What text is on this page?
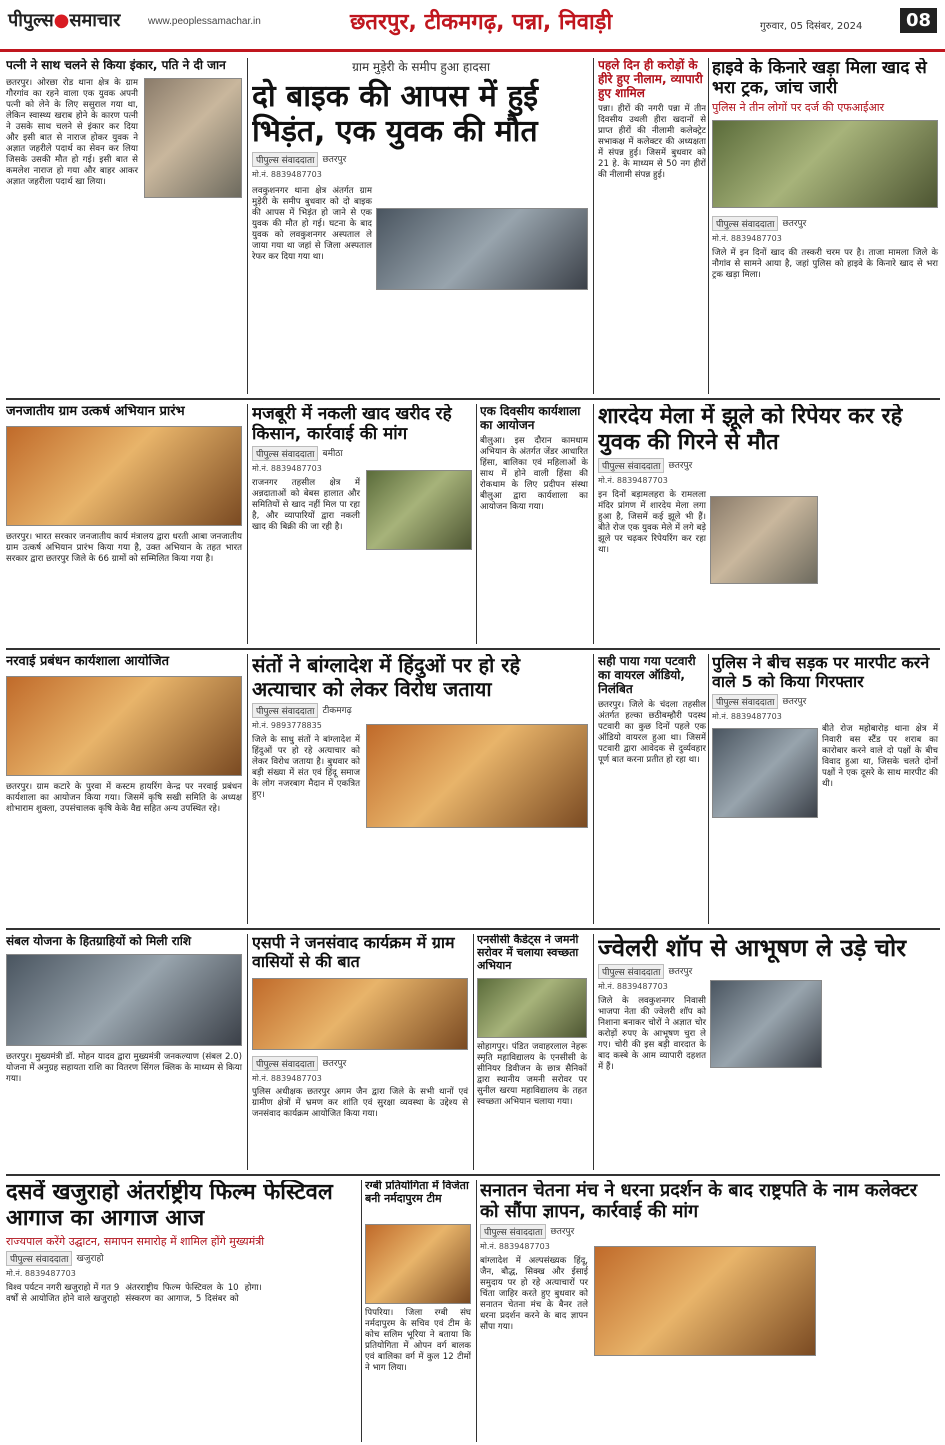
पीपुल्स●समाचार	www.peoplessamachar.in	छतरपुर, टीकमगढ़, पन्ना, निवाड़ी	गुरुवार, 05 दिसंबर, 2024	08
पत्नी ने साथ चलने से किया इंकार, पति ने दी जान
छतरपुर। ओरछा रोड थाना क्षेत्र के ग्राम गौरगांव का रहने वाला एक युवक अपनी पत्नी को लेने के लिए ससुराल गया था, लेकिन स्वास्थ्य खराब होने के कारण पत्नी ने उसके साथ चलने से इंकार कर दिया और इसी बात से नाराज होकर युवक ने अज्ञात जहरीले पदार्थ का सेवन कर लिया जिसके उसकी मौत हो गई। इसी बात से कमलेश नाराज हो गया और बाहर आकर अज्ञात जहरीला पदार्थ खा लिया।
ग्राम मुड़ेरी के समीप हुआ हादसा
दो बाइक की आपस में हुई भिड़ंत, एक युवक की मौत
पीपुल्स संवाददाता छतरपुर
मो.नं. 8839487703
लवकुशनगर थाना क्षेत्र अंतर्गत ग्राम मुड़ेरी के समीप बुधवार को दो बाइक की आपस में भिड़ंत हो जाने से एक युवक की मौत हो गई। घटना के बाद युवक को लवकुशनगर अस्पताल ले जाया गया था जहां से जिला अस्पताल रेफर कर दिया गया था।
पहले दिन ही करोड़ों के हीरे हुए नीलाम, व्यापारी हुए शामिल
पन्ना। हीरों की नगरी पन्ना में तीन दिवसीय उथली हीरा खदानों से प्राप्त हीरों की नीलामी कलेक्ट्रेट सभाकक्ष में कलेक्टर की अध्यक्षता में संपन्न हुई। जिसमें बुधवार को 21 हे. के माध्यम से 50 नग हीरों की नीलामी संपन्न हुई।
हाइवे के किनारे खड़ा मिला खाद से भरा ट्रक, जांच जारी
पुलिस ने तीन लोगों पर दर्ज की एफआईआर
पीपुल्स संवाददाता छतरपुर
मो.नं. 8839487703
जिले में इन दिनों खाद की तस्करी चरम पर है। ताजा मामला जिले के नौगांव से सामने आया है, जहां पुलिस को हाइवे के किनारे खाद से भरा ट्रक खड़ा मिला।
जनजातीय ग्राम उत्कर्ष अभियान प्रारंभ
छतरपुर। भारत सरकार जनजातीय कार्य मंत्रालय द्वारा धरती आबा जनजातीय ग्राम उत्कर्ष अभियान प्रारंभ किया गया है, उक्त अभियान के तहत भारत सरकार द्वारा छतरपुर जिले के 66 ग्रामों को सम्मिलित किया गया है।
मजबूरी में नकली खाद खरीद रहे किसान, कार्रवाई की मांग
पीपुल्स संवाददाता बमीठा
मो.नं. 8839487703
राजनगर तहसील क्षेत्र में अन्नदाताओं को बेबस हालात और समितियों से खाद नहीं मिल पा रहा है, और व्यापारियों द्वारा नकली खाद की बिक्री की जा रही है।
एक दिवसीय कार्यशाला का आयोजन
बीलुआ। इस दौरान कामधाम अभियान के अंतर्गत जेंडर आधारित हिंसा, बालिका एवं महिलाओं के साथ में होने वाली हिंसा की रोकथाम के लिए प्रदीपन संस्था बीलुआ द्वारा कार्यशाला का आयोजन किया गया।
शारदेय मेला में झूले को रिपेयर कर रहे युवक की गिरने से मौत
पीपुल्स संवाददाता छतरपुर
मो.नं. 8839487703
इन दिनों बड़ामलहरा के रामलला मंदिर प्रांगण में शारदेय मेला लगा हुआ है, जिसमें कई झूले भी हैं। बीते रोज एक युवक मेले में लगे बड़े झूले पर चढ़कर रिपेयरिंग कर रहा था।
नरवाई प्रबंधन कार्यशाला आयोजित
छतरपुर। ग्राम कटारे के पुरवा में कस्टम हायरिंग केन्द्र पर नरवाई प्रबंधन कार्यशाला का आयोजन किया गया। जिसमें कृषि सखी समिति के अध्यक्ष शोभाराम शुक्ला, उपसंचालक कृषि केके वैद्य सहित अन्य उपस्थित रहे।
संतों ने बांग्लादेश में हिंदुओं पर हो रहे अत्याचार को लेकर विरोध जताया
पीपुल्स संवाददाता टीकमगढ़
मो.नं. 9893778835
जिले के साधु संतों ने बांग्लादेश में हिंदुओं पर हो रहे अत्याचार को लेकर विरोध जताया है। बुधवार को बड़ी संख्या में संत एवं हिंदू समाज के लोग नजरबाग मैदान में एकत्रित हुए।
सही पाया गया पटवारी का वायरल ऑडियो, निलंबित
छतरपुर। जिले के चंदला तहसील अंतर्गत हल्का छठीबम्हौरी पदस्थ पटवारी का कुछ दिनों पहले एक ऑडियो वायरल हुआ था। जिसमें पटवारी द्वारा आवेदक से दुर्व्यवहार पूर्ण बात करना प्रतीत हो रहा था।
पुलिस ने बीच सड़क पर मारपीट करने वाले 5 को किया गिरफ्तार
पीपुल्स संवाददाता छतरपुर
मो.नं. 8839487703
बीते रोज महोबारोड़ थाना क्षेत्र में निवारी बस स्टैंड पर शराब का कारोबार करने वाले दो पक्षों के बीच विवाद हुआ था, जिसके चलते दोनों पक्षों ने एक दूसरे के साथ मारपीट की थी।
संबल योजना के हितग्राहियों को मिली राशि
छतरपुर। मुख्यमंत्री डॉ. मोहन यादव द्वारा मुख्यमंत्री जनकल्याण (संबल 2.0) योजना में अनुग्रह सहायता राशि का वितरण सिंगल क्लिक के माध्यम से किया गया।
एसपी ने जनसंवाद कार्यक्रम में ग्राम वासियों से की बात
पीपुल्स संवाददाता छतरपुर
मो.नं. 8839487703
पुलिस अधीक्षक छतरपुर अगम जैन द्वारा जिले के सभी थानों एवं ग्रामीण क्षेत्रों में भ्रमण कर शांति एवं सुरक्षा व्यवस्था के उद्देश्य से जनसंवाद कार्यक्रम आयोजित किया गया।
एनसीसी कैडेट्स ने जमनी सरोवर में चलाया स्वच्छता अभियान
सोहागपुर। पंडित जवाहरलाल नेहरू स्मृति महाविद्यालय के एनसीसी के सीनियर डिवीजन के छात्र सैनिकों द्वारा स्थानीय जमनी सरोवर पर सुनील खरया महाविद्यालय के तहत स्वच्छता अभियान चलाया गया।
ज्वेलरी शॉप से आभूषण ले उड़े चोर
पीपुल्स संवाददाता छतरपुर
मो.नं. 8839487703
जिले के लवकुशनगर निवासी भाजपा नेता की ज्वेलरी शॉप को निशाना बनाकर चोरों ने अज्ञात चोर करोड़ों रुपए के आभूषण चुरा ले गए। चोरी की इस बड़ी वारदात के बाद कस्बे के आम व्यापारी दहशत में हैं।
दसवें खजुराहो अंतर्राष्ट्रीय फिल्म फेस्टिवल आगाज का आगाज आज
राज्यपाल करेंगे उद्घाटन, समापन समारोह में शामिल होंगे मुख्यमंत्री
पीपुल्स संवाददाता खजुराहो
मो.नं. 8839487703
विश्व पर्यटन नगरी खजुराहो में गत 9 वर्षों से आयोजित होने वाले खजुराहो अंतरराष्ट्रीय फिल्म फेस्टिवल के 10 संस्करण का आगाज, 5 दिसंबर को होगा।
रग्बी प्रतियोगिता में विजेता बनी नर्मदापुरम टीम
पिपरिया। जिला रग्बी संघ नर्मदापुरम के सचिव एवं टीम के कोच सलिम भूरिया ने बताया कि प्रतियोगिता में ओपन वर्ग बालक एवं बालिका वर्ग में कुल 12 टीमों ने भाग लिया।
सनातन चेतना मंच ने धरना प्रदर्शन के बाद राष्ट्रपति के नाम कलेक्टर को सौंपा ज्ञापन, कार्रवाई की मांग
पीपुल्स संवाददाता छतरपुर
मो.नं. 8839487703
बांग्लादेश में अल्पसंख्यक हिंदू, जैन, बौद्ध, सिक्ख और ईसाई समुदाय पर हो रहे अत्याचारों पर चिंता जाहिर करते हुए बुधवार को सनातन चेतना मंच के बैनर तले धरना प्रदर्शन करने के बाद ज्ञापन सौंपा गया।
